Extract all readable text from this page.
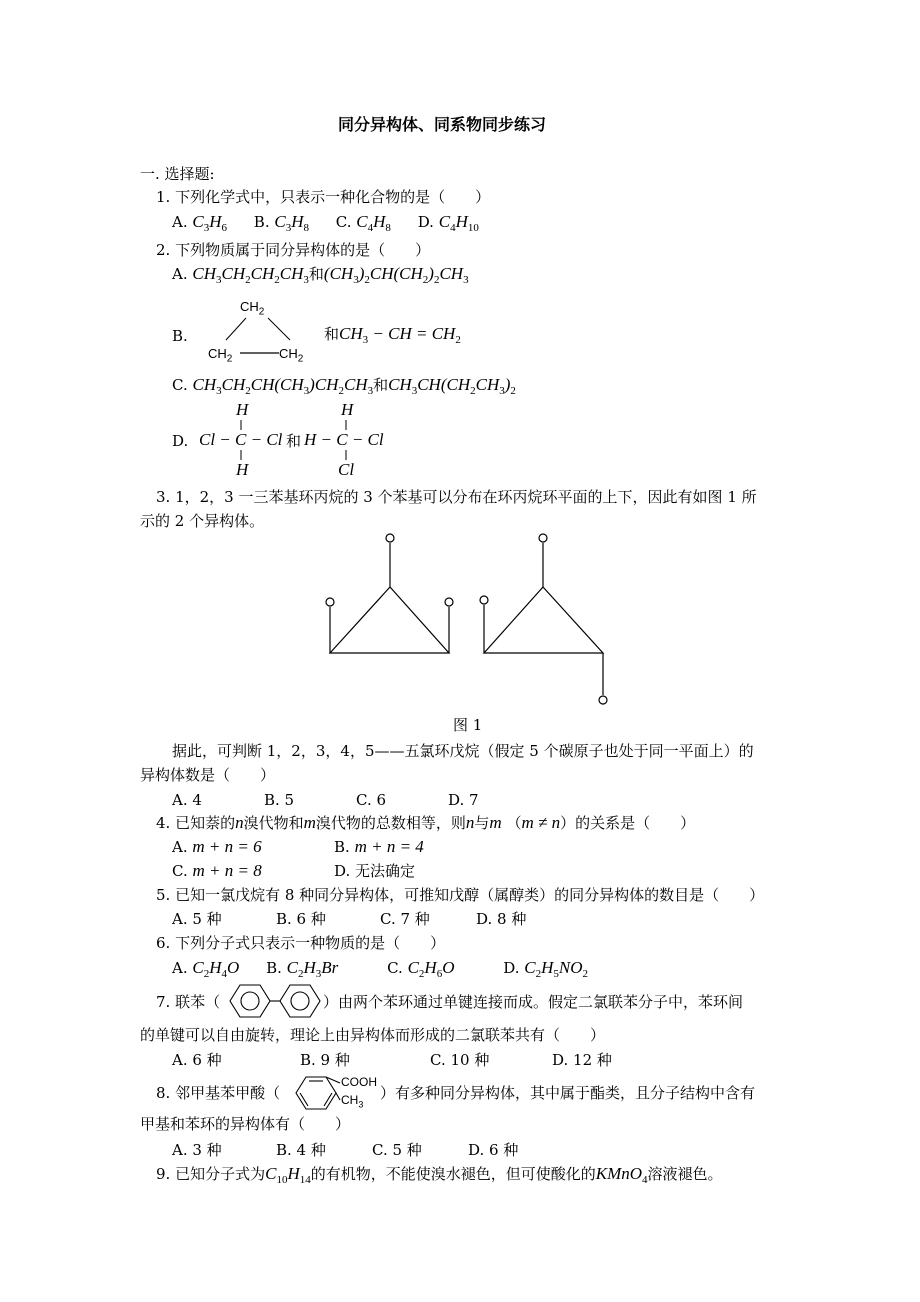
同分异构体、同系物同步练习
一. 选择题:
1. 下列化学式中，只表示一种化合物的是（　　）
A. $C_3H_6$ B. $C_3H_8$ C. $C_4H_8$ D. $C_4H_{10}$
2. 下列物质属于同分异构体的是（　　）
A. $CH_3CH_2CH_2CH_3$和$(CH_3)_2CH(CH_2)_2CH_3$
B.
$CH_2$
$CH_2$	$CH_2$
和$CH_3$ − CH = $CH_2$
C. $CH_3CH_2CH(CH_3)CH_2CH_3$和$CH_3CH(CH_2CH_3)_2$
D.
H
Cl − C − Cl
H
和
H
H − C − Cl
Cl
3. 1，2，3 一三苯基环丙烷的 3 个苯基可以分布在环丙烷环平面的上下，因此有如图 1 所
示的 2 个异构体。
图 1
据此，可判断 1，2，3，4，5——五氯环戊烷（假定 5 个碳原子也处于同一平面上）的
异构体数是（　　）
A. 4	B. 5	C. 6	D. 7
4. 已知萘的n溴代物和m溴代物的总数相等，则n与m （m ≠ n）的关系是（　　）
A. m + n = 6	B. m + n = 4
C. m + n = 8	D. 无法确定
5. 已知一氯戊烷有 8 种同分异构体，可推知戊醇（属醇类）的同分异构体的数目是（　　）
A. 5 种	B. 6 种	C. 7 种	D. 8 种
6. 下列分子式只表示一种物质的是（　　）
A. $C_2H_4O$ B. $C_2H_3Br$	C. $C_2H_6O$	D. $C_2H_5NO_2$
7. 联苯（	）由两个苯环通过单键连接而成。假定二氯联苯分子中，苯环间
的单键可以自由旋转，理论上由异构体而形成的二氯联苯共有（　　）
A. 6 种	B. 9 种	C. 10 种	D. 12 种
8. 邻甲基苯甲酸（
COOH
$CH_3$
）有多种同分异构体，其中属于酯类，且分子结构中含有
甲基和苯环的异构体有（　　）
A. 3 种	B. 4 种	C. 5 种	D. 6 种
9. 已知分子式为$C_{10}H_{14}$的有机物，不能使溴水褪色，但可使酸化的KMnO$_4$溶液褪色。
